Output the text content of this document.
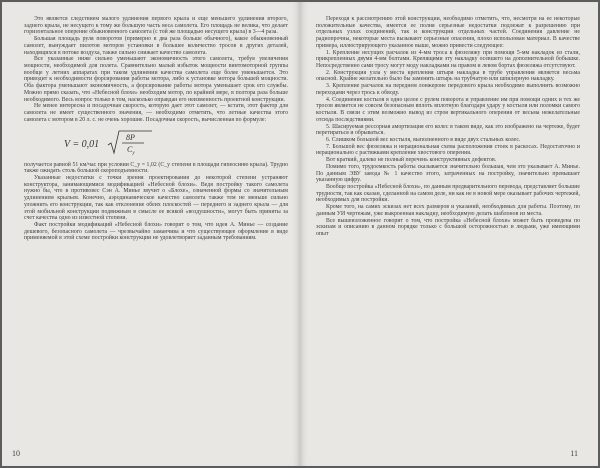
Это является следствием малого удлинения первого крыла и еще меньшего удлинения второго, заднего крыла, не несущего к тому же большую часть веса самолета. Его площадь не велика, что делает горизонтальное оперение обыкновенного самолета (с той же площадью несущего крыла) в 3—4 раза.

Большая площадь руля поворотов (примерно в два раза больше обычного), какое обыкновенный самолет, вынуждает пилотов моторов установки в большее количество тросов в других деталей, находящихся в потоке воздуха, также сильно снижает качество самолета.

Все указанные ниже сильно уменьшают экономичность этого самолета, требуя увеличения мощности, необходимой для полета. Сравнительно малый избыток мощности винтомоторной группы вообще у летних аппаратах при таком удлинении качества самолета еще более уменьшается. Это приводит к необходимости форсирования работы мотора, либо к установке мотора большей мощности. Оба фактора уменьшают экономичность, а форсирование работы мотора уменьшает срок его службы. Можно прямо сказать, что «Небесной блохе» необходим мотор, по крайней мере, в полтора раза больше необходимого. Весь вопрос только в том, насколько оправдан его неизменность проектной конструкции.

Не менее интересна и посадочная скорость, которую дает этот самолет, — кстати, этот фактор для самолета не имеет существенного значения, — необходимо отметить, что летные качества этого самолета с мотором в 20 л. с. не очень хорошие. Посадочная скорость, вычисленная по формуле:

V = 0,01
8P
$C_y$

получается равной 51 км/час при условии C_y = 1,02 (C_y степени в площади гипеосиню крыла). Трудно также ожидать столь большой скороподъемности.

Указанные недостатки с точки зрения проектирования до некоторой степени устраняют конструктора, занимающимися модификацией «Небесной блохи». Ведя постройку такого самолета нужно бы, что в противовес Сэн А. Минье звучит о «Блохе», означенной формы со значительным удлинением крыльев. Конечно, аэродинамическое качество самолета также тем не меньше сильно уложнить его конструкции, так как отклонение обеих плоскостей — переднего и заднего крыла — для этой мобильной конструкции подвижным в смысле ее всякой «воздушности», могут быть приняты за счет качества одно из известной степени.

Факт постройки модификаций «Небесной блохи» говорит о том, что идея А. Минье — создание дешевого, безопасного самолета — чрезвычайно заманчива и что существующее оформление в виде применяемой в этой схеме постройки конструкции не удовлетворяет заданным требованиям.

10

Переходя к рассмотрению этой конструкции, необходимо отметить, что, несмотря на ее некоторые положительные качества, имеется ее полня серьезные недостатки подлежат к разрешению при отдельных узлах соединений, так и конструкции отдельных частей. Соединения давление не радиопрочны, некоторые места вызывают серьезные опасения, плохо использован материал. В качестве примера, иллюстрирующего указанное выше, можно привести следующее:

1. Крепление несущих расчалок из 4-мм троса к фюзеляжу при помощи 5-мм накладок из стали, прикрепленных двумя 4-мм болтами. Крепящими эту накладку осевшего на дополнительной бобышке. Непосредственно сами тросу могут моду накладками на правом и левом бортах фюзеляжа отсутствуют.

2. Конструкция узла у места крепления штыря накладка в трубе управления является весьма опасной. Крайне желательно было бы заменить штырь на трубчатую или шпилерную накладку.

3. Крепление расчалок на переднем лонжероне передового крыла необходимо выполнить возможно переходами через трось к обводу.

4. Соединение костыля в одно целое с рулем поворота и управление им при помощи одних и тех же тросов является не совсем безопасным вплоть вплотную благодаря удару у костыля или поломки самого костыля. В связи с этим возможно вывод из строя вертикального оперения от весьма нежелательные отсюда последствиями.

5. Шасируемая рессорная амортизация его колес в таком виде, как это изображено на чертеже, будет перетираться и обрываться.

6. Слишком большой вес костыля, выполненного в виде двух стальных колес.

7. Большой вес фюзеляжа и нерациональная схема расположения стоек в раскосах. Недостаточно и нерационально с растяжками крепление хвостового оперения.

Вот краткий, далеко не полный перечень конструктивных дефектов.

Помимо того, трудоемкость работы сказывается значительно большая, чем это указывает А. Минье. По данным ЭВУ завода № 1 качество этого, затраченных на постройку, значительно превышает указанную цифру.

Вообще постройка «Небесной блохи», по данным предварительного перевода, представляет большие трудности, так как сказан, сделанной на самом деле, ни как не в новой мере оказывает рабочих чертежей, необходимых для постройки.

Кроме того, на самих эскизах нет всех размеров и указаний, необходимых для работы. Поэтому, по данным УИ чертежам, уже выкроенная накладку, необходимую делать шаблонов из места.

Все вышеизложенное говорит о том, что постройка «Небесной блохи» может быть проведена по эскизам и описанию в данном порядке только с большой осторожностью и людьми, уже имеющими опыт

11
